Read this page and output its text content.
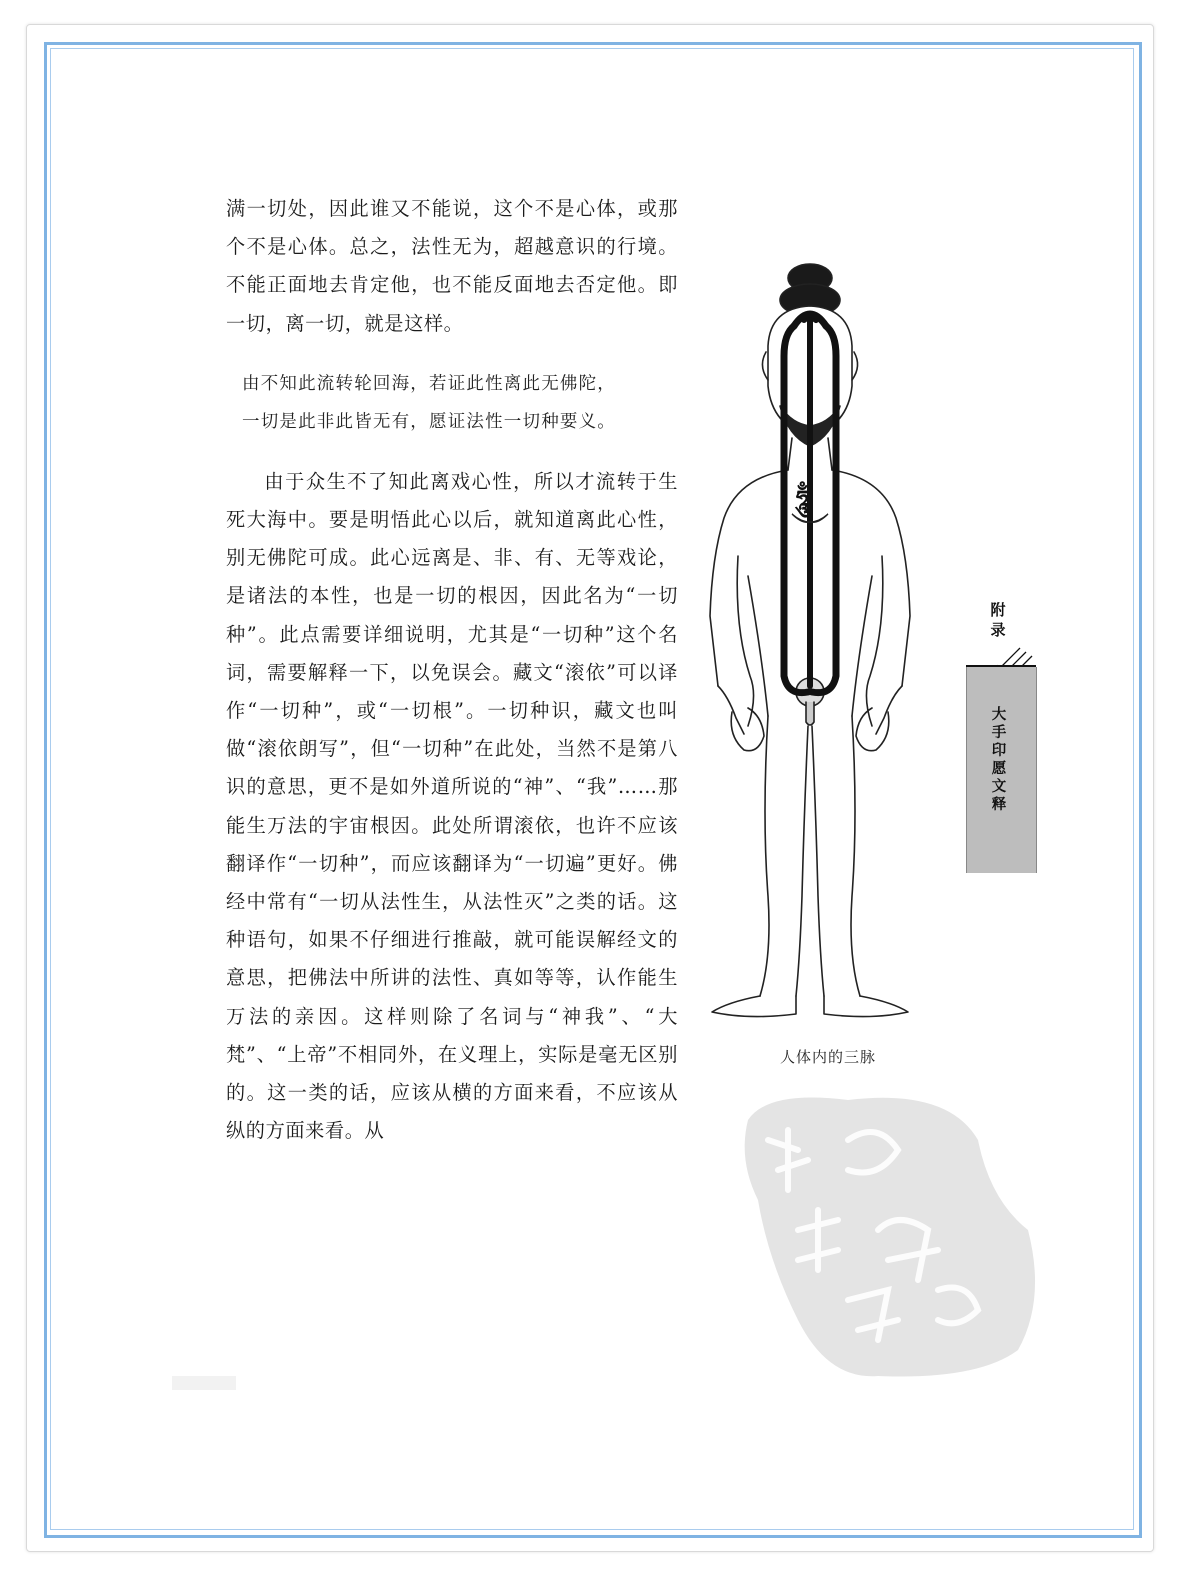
满一切处，因此谁又不能说，这个不是心体，或那个不是心体。总之，法性无为，超越意识的行境。不能正面地去肯定他，也不能反面地去否定他。即一切，离一切，就是这样。

由不知此流转轮回海，若证此性离此无佛陀，
一切是此非此皆无有，愿证法性一切种要义。

由于众生不了知此离戏心性，所以才流转于生死大海中。要是明悟此心以后，就知道离此心性，别无佛陀可成。此心远离是、非、有、无等戏论，是诸法的本性，也是一切的根因，因此名为“一切种”。此点需要详细说明，尤其是“一切种”这个名词，需要解释一下，以免误会。藏文“滚依”可以译作“一切种”，或“一切根”。一切种识，藏文也叫做“滚依朗写”，但“一切种”在此处，当然不是第八识的意思，更不是如外道所说的“神”、“我”……那能生万法的宇宙根因。此处所谓滚依，也许不应该翻译作“一切种”，而应该翻译为“一切遍”更好。佛经中常有“一切从法性生，从法性灭”之类的话。这种语句，如果不仔细进行推敲，就可能误解经文的意思，把佛法中所讲的法性、真如等等，认作能生万法的亲因。这样则除了名词与“神我”、“大梵”、“上帝”不相同外，在义理上，实际是毫无区别的。这一类的话，应该从横的方面来看，不应该从纵的方面来看。从

ཧཱུྃ
人体内的三脉
附录
大手印愿文释
